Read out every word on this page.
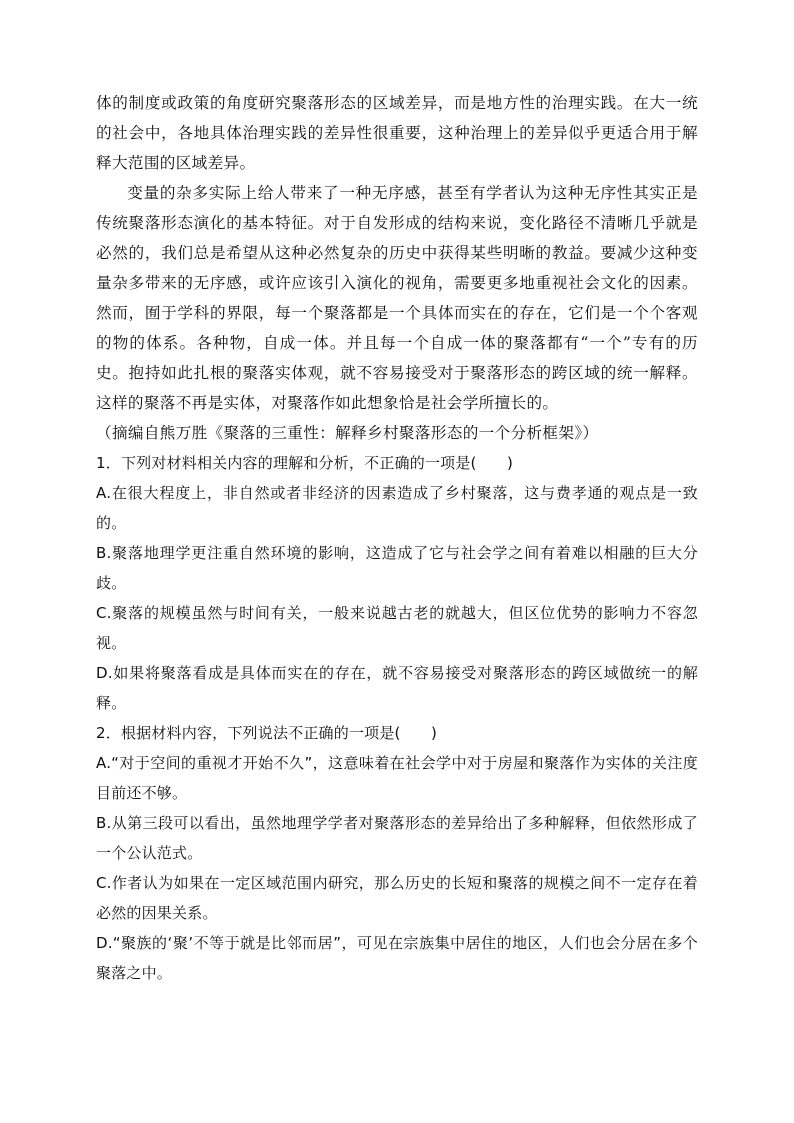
体的制度或政策的角度研究聚落形态的区域差异，而是地方性的治理实践。在大一统的社会中，各地具体治理实践的差异性很重要，这种治理上的差异似乎更适合用于解释大范围的区域差异。

变量的杂多实际上给人带来了一种无序感，甚至有学者认为这种无序性其实正是传统聚落形态演化的基本特征。对于自发形成的结构来说，变化路径不清晰几乎就是必然的，我们总是希望从这种必然复杂的历史中获得某些明晰的教益。要减少这种变量杂多带来的无序感，或许应该引入演化的视角，需要更多地重视社会文化的因素。然而，囿于学科的界限，每一个聚落都是一个具体而实在的存在，它们是一个个客观的物的体系。各种物，自成一体。并且每一个自成一体的聚落都有“一个”专有的历史。抱持如此扎根的聚落实体观，就不容易接受对于聚落形态的跨区域的统一解释。这样的聚落不再是实体，对聚落作如此想象恰是社会学所擅长的。

（摘编自熊万胜《聚落的三重性：解释乡村聚落形态的一个分析框架》）

1．下列对材料相关内容的理解和分析，不正确的一项是(　　)

A.在很大程度上，非自然或者非经济的因素造成了乡村聚落，这与费孝通的观点是一致的。

B.聚落地理学更注重自然环境的影响，这造成了它与社会学之间有着难以相融的巨大分歧。

C.聚落的规模虽然与时间有关，一般来说越古老的就越大，但区位优势的影响力不容忽视。

D.如果将聚落看成是具体而实在的存在，就不容易接受对聚落形态的跨区域做统一的解释。

2．根据材料内容，下列说法不正确的一项是(　　)

A.“对于空间的重视才开始不久”，这意味着在社会学中对于房屋和聚落作为实体的关注度目前还不够。

B.从第三段可以看出，虽然地理学学者对聚落形态的差异给出了多种解释，但依然形成了一个公认范式。

C.作者认为如果在一定区域范围内研究，那么历史的长短和聚落的规模之间不一定存在着必然的因果关系。

D.“聚族的‘聚’不等于就是比邻而居”，可见在宗族集中居住的地区，人们也会分居在多个聚落之中。
